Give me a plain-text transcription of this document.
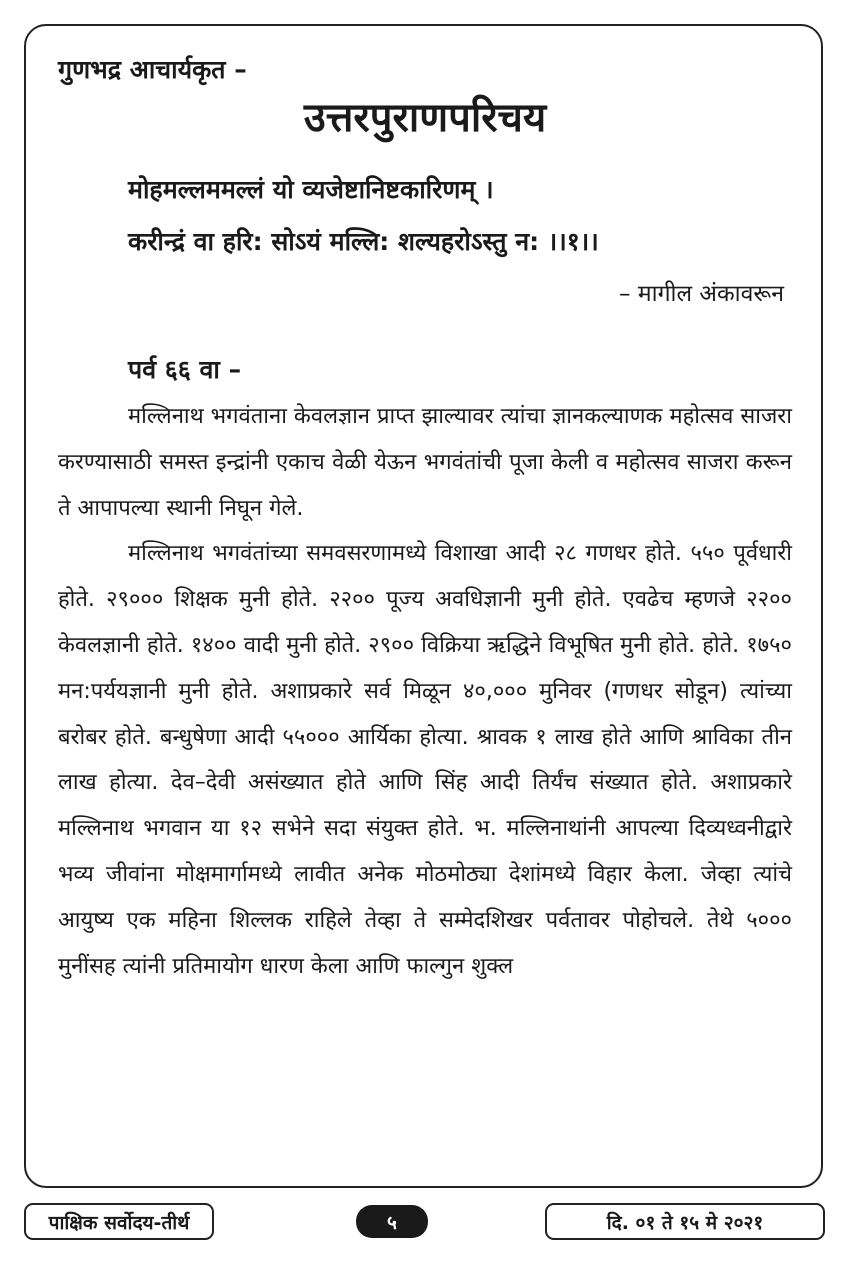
गुणभद्र आचार्यकृत –
उत्तरपुराणपरिचय
मोहमल्लममल्लं यो व्यजेष्टानिष्टकारिणम् ।
करीन्द्रं वा हरि: सोऽयं मल्लि: शल्यहरोऽस्तु न: ।।१।।
– मागील अंकावरून
पर्व ६६ वा –

मल्लिनाथ भगवंताना केवलज्ञान प्राप्त झाल्यावर त्यांचा ज्ञानकल्याणक महोत्सव साजरा करण्यासाठी समस्त इन्द्रांनी एकाच वेळी येऊन भगवंतांची पूजा केली व महोत्सव साजरा करून ते आपापल्या स्थानी निघून गेले.

मल्लिनाथ भगवंतांच्या समवसरणामध्ये विशाखा आदी २८ गणधर होते. ५५० पूर्वधारी होते. २९००० शिक्षक मुनी होते. २२०० पूज्य अवधिज्ञानी मुनी होते. एवढेच म्हणजे २२०० केवलज्ञानी होते. १४०० वादी मुनी होते. २९०० विक्रिया ऋद्धिने विभूषित मुनी होते. होते. १७५० मन:पर्ययज्ञानी मुनी होते. अशाप्रकारे सर्व मिळून ४०,००० मुनिवर (गणधर सोडून) त्यांच्या बरोबर होते. बन्धुषेणा आदी ५५००० आर्यिका होत्या. श्रावक १ लाख होते आणि श्राविका तीन लाख होत्या. देव–देवी असंख्यात होते आणि सिंह आदी तिर्यंच संख्यात होते. अशाप्रकारे मल्लिनाथ भगवान या १२ सभेने सदा संयुक्त होते. भ. मल्लिनाथांनी आपल्या दिव्यध्वनीद्वारे भव्य जीवांना मोक्षमार्गामध्ये लावीत अनेक मोठमोठ्या देशांमध्ये विहार केला. जेव्हा त्यांचे आयुष्य एक महिना शिल्लक राहिले तेव्हा ते सम्मेदशिखर पर्वतावर पोहोचले. तेथे ५००० मुनींसह त्यांनी प्रतिमायोग धारण केला आणि फाल्गुन शुक्ल

पाक्षिक सर्वोदय-तीर्थ	५	दि. ०१ ते १५ मे २०२१
